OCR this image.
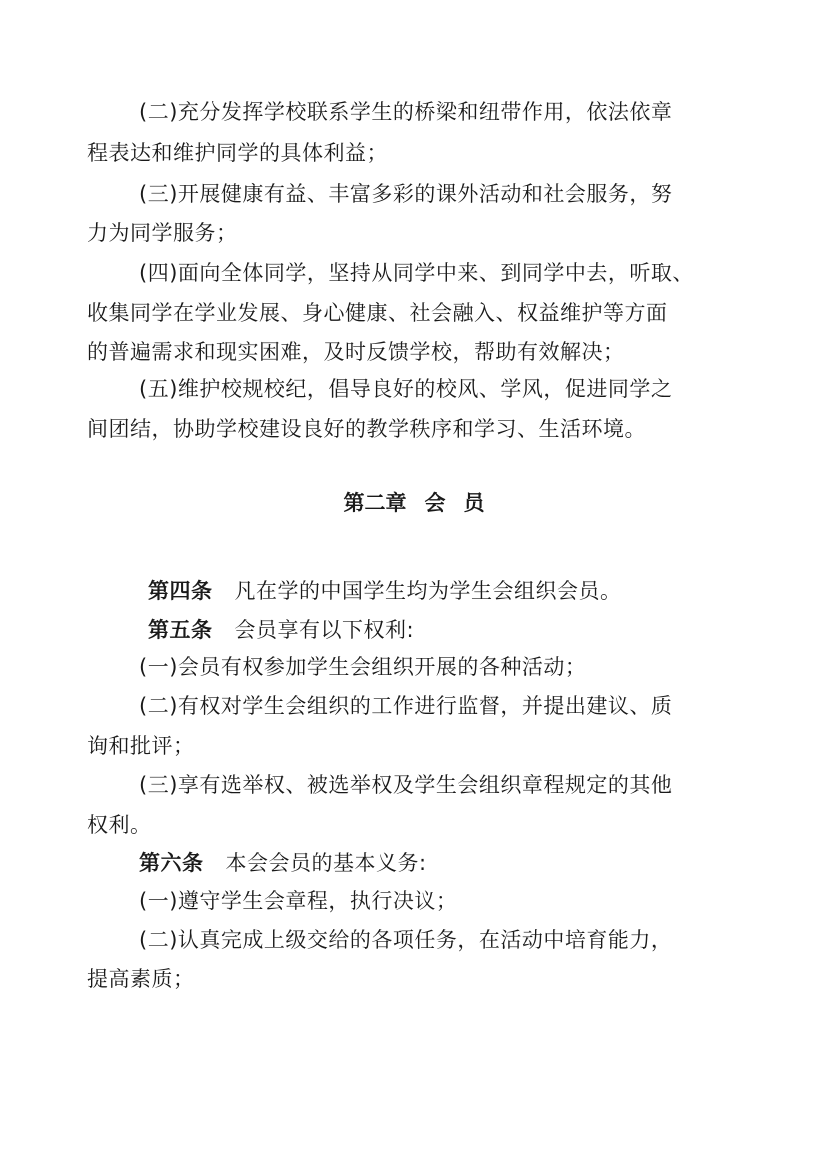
(二)充分发挥学校联系学生的桥梁和纽带作用，依法依章
程表达和维护同学的具体利益；
(三)开展健康有益、丰富多彩的课外活动和社会服务，努
力为同学服务；
(四)面向全体同学，坚持从同学中来、到同学中去，听取、
收集同学在学业发展、身心健康、社会融入、权益维护等方面
的普遍需求和现实困难，及时反馈学校，帮助有效解决；
(五)维护校规校纪，倡导良好的校风、学风，促进同学之
间团结，协助学校建设良好的教学秩序和学习、生活环境。
第二章 会 员
第四条 凡在学的中国学生均为学生会组织会员。
第五条 会员享有以下权利:
(一)会员有权参加学生会组织开展的各种活动；
(二)有权对学生会组织的工作进行监督，并提出建议、质
询和批评；
(三)享有选举权、被选举权及学生会组织章程规定的其他
权利。
第六条 本会会员的基本义务:
(一)遵守学生会章程，执行决议；
(二)认真完成上级交给的各项任务，在活动中培育能力，
提高素质；
